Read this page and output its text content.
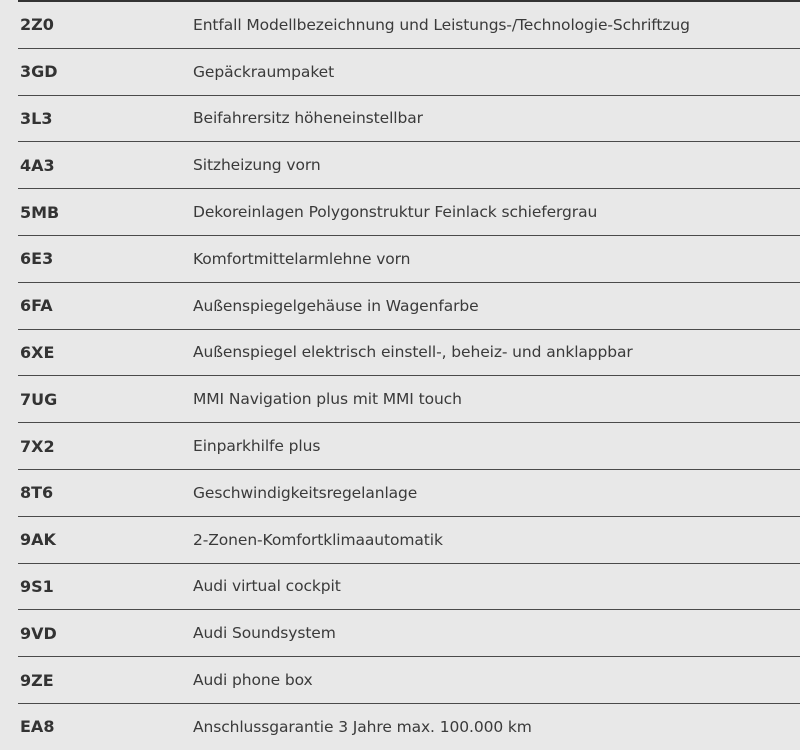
2Z0	Entfall Modellbezeichnung und Leistungs-/Technologie-Schriftzug
3GD	Gepäckraumpaket
3L3	Beifahrersitz höheneinstellbar
4A3	Sitzheizung vorn
5MB	Dekoreinlagen Polygonstruktur Feinlack schiefergrau
6E3	Komfortmittelarmlehne vorn
6FA	Außenspiegelgehäuse in Wagenfarbe
6XE	Außenspiegel elektrisch einstell-, beheiz- und anklappbar
7UG	MMI Navigation plus mit MMI touch
7X2	Einparkhilfe plus
8T6	Geschwindigkeitsregelanlage
9AK	2-Zonen-Komfortklimaautomatik
9S1	Audi virtual cockpit
9VD	Audi Soundsystem
9ZE	Audi phone box
EA8	Anschlussgarantie 3 Jahre max. 100.000 km
